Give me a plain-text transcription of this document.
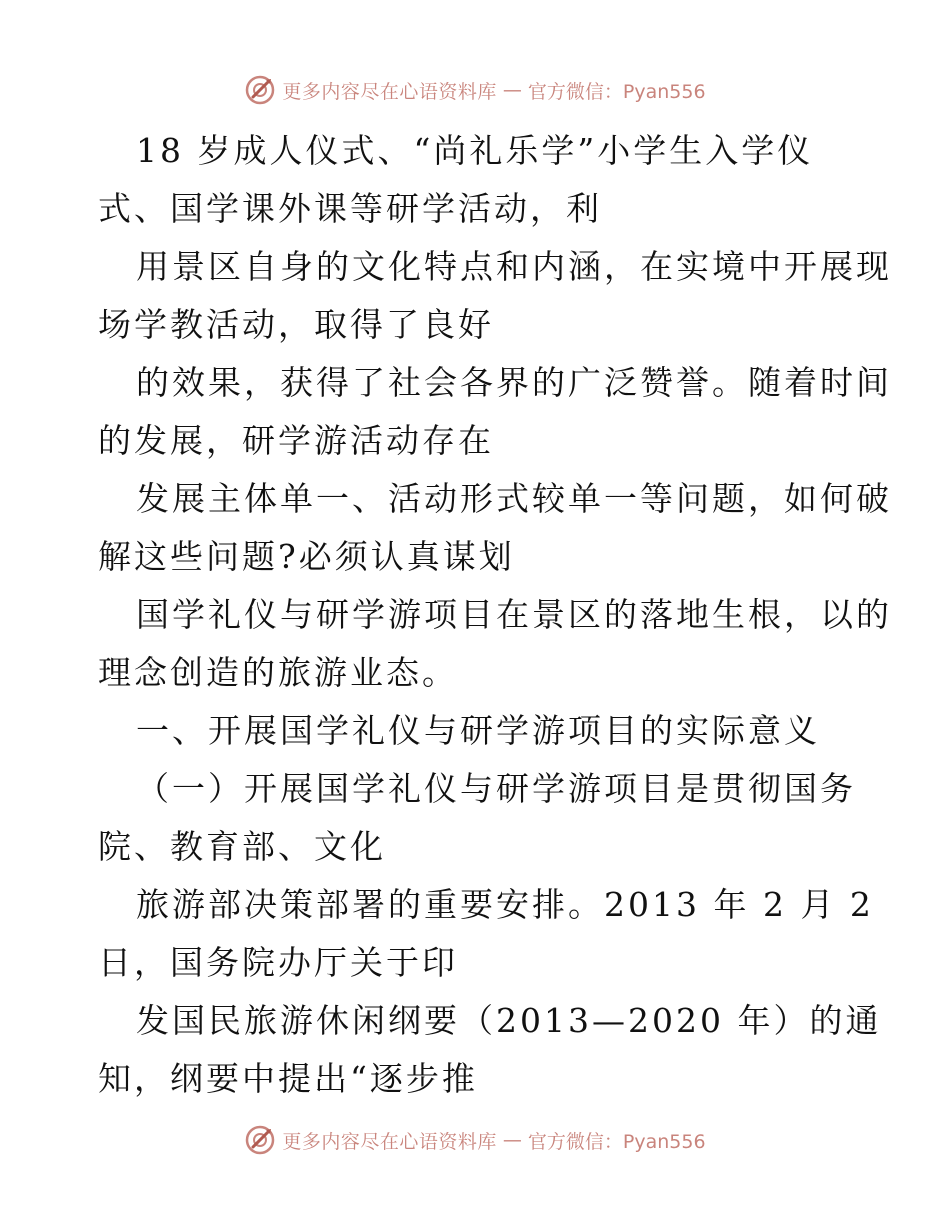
更多内容尽在心语资料库 — 官方微信：Pyan556
18 岁成人仪式、“尚礼乐学”小学生入学仪
式、国学课外课等研学活动，利
用景区自身的文化特点和内涵，在实境中开展现
场学教活动，取得了良好
的效果，获得了社会各界的广泛赞誉。随着时间
的发展，研学游活动存在
发展主体单一、活动形式较单一等问题，如何破
解这些问题?必须认真谋划
国学礼仪与研学游项目在景区的落地生根，以的
理念创造的旅游业态。
一、开展国学礼仪与研学游项目的实际意义
（一）开展国学礼仪与研学游项目是贯彻国务
院、教育部、文化
旅游部决策部署的重要安排。2013 年 2 月 2
日，国务院办厅关于印
发国民旅游休闲纲要（2013—2020 年）的通
知，纲要中提出“逐步推
更多内容尽在心语资料库 — 官方微信：Pyan556
